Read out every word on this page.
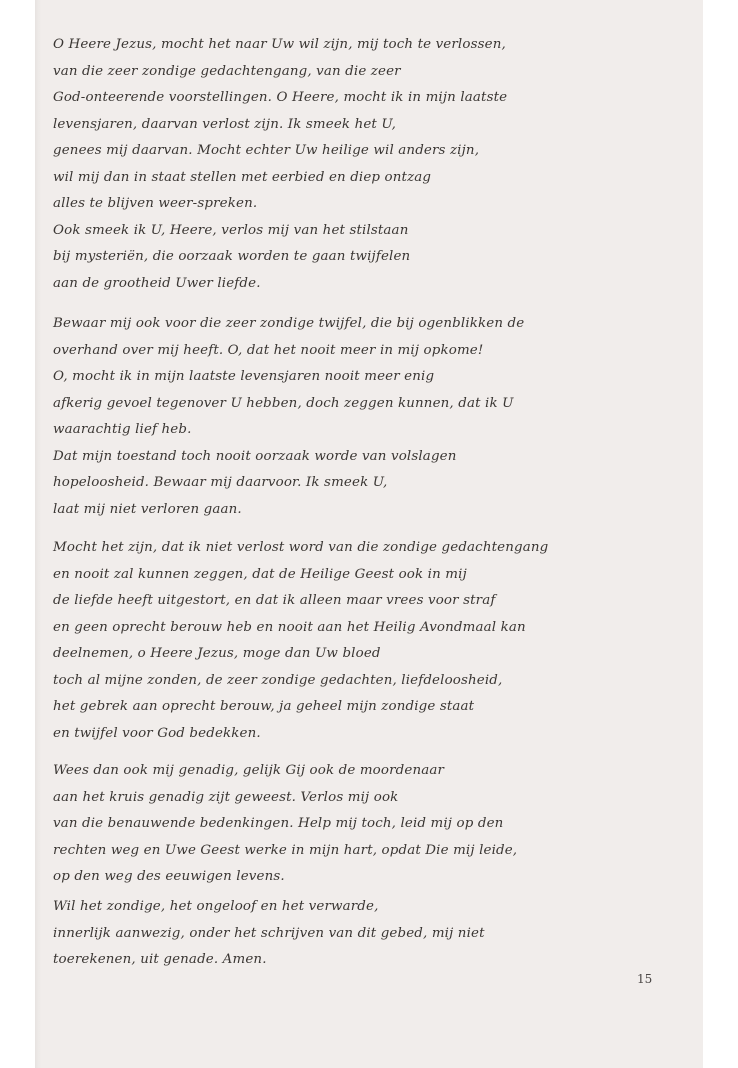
O Heere Jezus, mocht het naar Uw wil zijn, mij toch te verlossen,
van die zeer zondige gedachtengang, van die zeer
God-onteerende voorstellingen. O Heere, mocht ik in mijn laatste
levensjaren, daarvan verlost zijn. Ik smeek het U,
genees mij daarvan. Mocht echter Uw heilige wil anders zijn,
wil mij dan in staat stellen met eerbied en diep ontzag
alles te blijven weer-spreken.
Ook smeek ik U, Heere, verlos mij van het stilstaan
bij mysteriën, die oorzaak worden te gaan twijfelen
aan de grootheid Uwer liefde.
Bewaar mij ook voor die zeer zondige twijfel, die bij ogenblikken de
overhand over mij heeft. O, dat het nooit meer in mij opkome!
O, mocht ik in mijn laatste levensjaren nooit meer enig
afkerig gevoel tegenover U hebben, doch zeggen kunnen, dat ik U
waarachtig lief heb.
Dat mijn toestand toch nooit oorzaak worde van volslagen
hopeloosheid. Bewaar mij daarvoor. Ik smeek U,
laat mij niet verloren gaan.
Mocht het zijn, dat ik niet verlost word van die zondige gedachtengang
en nooit zal kunnen zeggen, dat de Heilige Geest ook in mij
de liefde heeft uitgestort, en dat ik alleen maar vrees voor straf
en geen oprecht berouw heb en nooit aan het Heilig Avondmaal kan
deelnemen, o Heere Jezus, moge dan Uw bloed
toch al mijne zonden, de zeer zondige gedachten, liefdeloosheid,
het gebrek aan oprecht berouw, ja geheel mijn zondige staat
en twijfel voor God bedekken.
Wees dan ook mij genadig, gelijk Gij ook de moordenaar
aan het kruis genadig zijt geweest. Verlos mij ook
van die benauwende bedenkingen. Help mij toch, leid mij op den
rechten weg en Uwe Geest werke in mijn hart, opdat Die mij leide,
op den weg des eeuwigen levens.
Wil het zondige, het ongeloof en het verwarde,
innerlijk aanwezig, onder het schrijven van dit gebed, mij niet
toerekenen, uit genade. Amen.
15
